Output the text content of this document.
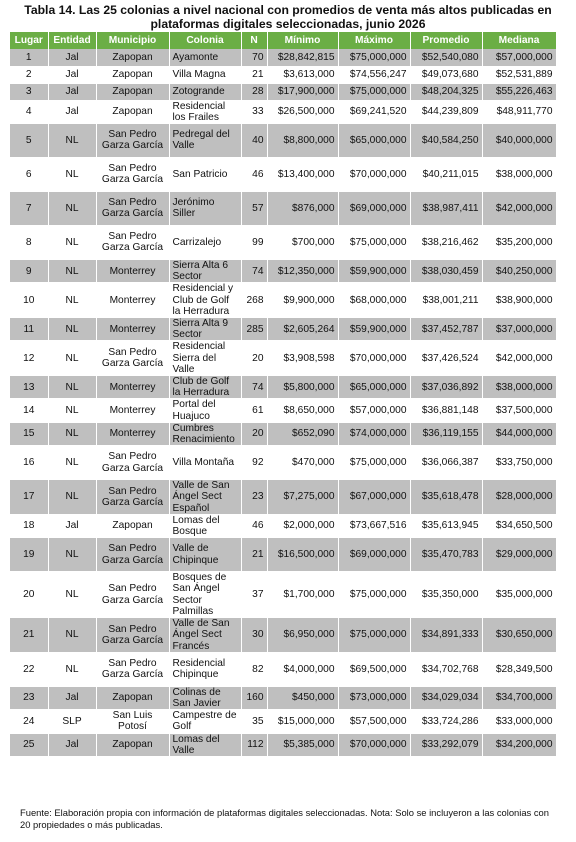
Tabla 14. Las 25 colonias a nivel nacional con promedios de venta más altos publicadas en plataformas digitales seleccionadas, junio 2026
Lugar	Entidad	Municipio	Colonia	N	Mínimo	Máximo	Promedio	Mediana
1	Jal	Zapopan	Ayamonte	70	$28,842,815	$75,000,000	$52,540,080	$57,000,000
2	Jal	Zapopan	Villa Magna	21	$3,613,000	$74,556,247	$49,073,680	$52,531,889
3	Jal	Zapopan	Zotogrande	28	$17,900,000	$75,000,000	$48,204,325	$55,226,463
4	Jal	Zapopan	Residencial los Frailes	33	$26,500,000	$69,241,520	$44,239,809	$48,911,770
5	NL	San Pedro Garza García	Pedregal del Valle	40	$8,800,000	$65,000,000	$40,584,250	$40,000,000
6	NL	San Pedro Garza García	San Patricio	46	$13,400,000	$70,000,000	$40,211,015	$38,000,000
7	NL	San Pedro Garza García	Jerónimo Siller	57	$876,000	$69,000,000	$38,987,411	$42,000,000
8	NL	San Pedro Garza García	Carrizalejo	99	$700,000	$75,000,000	$38,216,462	$35,200,000
9	NL	Monterrey	Sierra Alta 6 Sector	74	$12,350,000	$59,900,000	$38,030,459	$40,250,000
10	NL	Monterrey	Residencial y Club de Golf la Herradura	268	$9,900,000	$68,000,000	$38,001,211	$38,900,000
11	NL	Monterrey	Sierra Alta 9 Sector	285	$2,605,264	$59,900,000	$37,452,787	$37,000,000
12	NL	San Pedro Garza García	Residencial Sierra del Valle	20	$3,908,598	$70,000,000	$37,426,524	$42,000,000
13	NL	Monterrey	Club de Golf la Herradura	74	$5,800,000	$65,000,000	$37,036,892	$38,000,000
14	NL	Monterrey	Portal del Huajuco	61	$8,650,000	$57,000,000	$36,881,148	$37,500,000
15	NL	Monterrey	Cumbres Renacimiento	20	$652,090	$74,000,000	$36,119,155	$44,000,000
16	NL	San Pedro Garza García	Villa Montaña	92	$470,000	$75,000,000	$36,066,387	$33,750,000
17	NL	San Pedro Garza García	Valle de San Ángel Sect Español	23	$7,275,000	$67,000,000	$35,618,478	$28,000,000
18	Jal	Zapopan	Lomas del Bosque	46	$2,000,000	$73,667,516	$35,613,945	$34,650,500
19	NL	San Pedro Garza García	Valle de Chipinque	21	$16,500,000	$69,000,000	$35,470,783	$29,000,000
20	NL	San Pedro Garza García	Bosques de San Ángel Sector Palmillas	37	$1,700,000	$75,000,000	$35,350,000	$35,000,000
21	NL	San Pedro Garza García	Valle de San Ángel Sect Francés	30	$6,950,000	$75,000,000	$34,891,333	$30,650,000
22	NL	San Pedro Garza García	Residencial Chipinque	82	$4,000,000	$69,500,000	$34,702,768	$28,349,500
23	Jal	Zapopan	Colinas de San Javier	160	$450,000	$73,000,000	$34,029,034	$34,700,000
24	SLP	San Luis Potosí	Campestre de Golf	35	$15,000,000	$57,500,000	$33,724,286	$33,000,000
25	Jal	Zapopan	Lomas del Valle	112	$5,385,000	$70,000,000	$33,292,079	$34,200,000
Fuente: Elaboración propia con información de plataformas digitales seleccionadas. Nota: Solo se incluyeron a las colonias con 20 propiedades o más publicadas.
